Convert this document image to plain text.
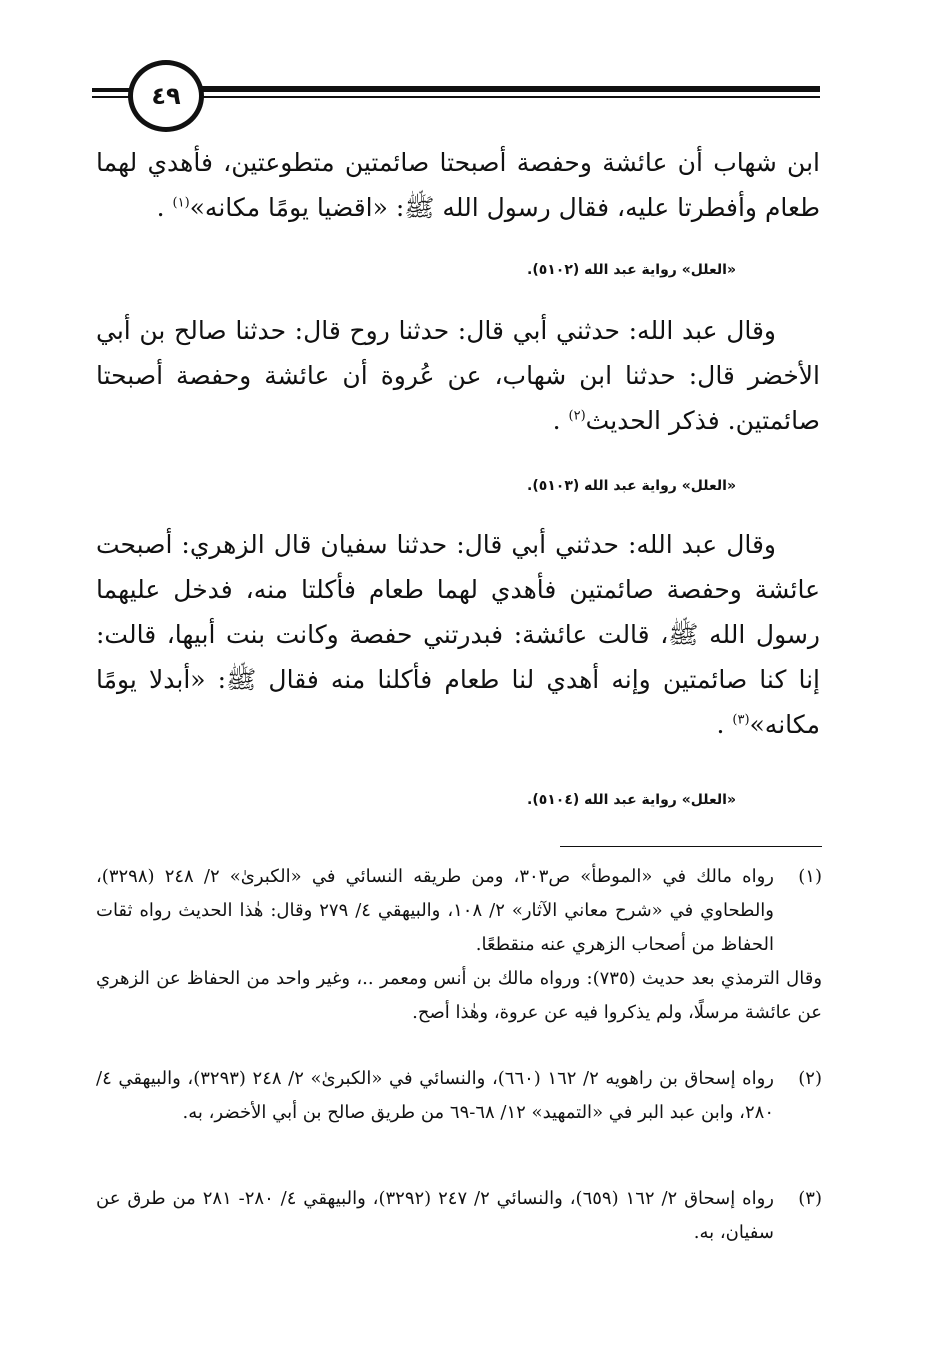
٤٩

ابن شهاب أن عائشة وحفصة أصبحتا صائمتين متطوعتين، فأهدي لهما طعام وأفطرتا عليه، فقال رسول الله ﷺ: «اقضيا يومًا مكانه»$^{(١)}$ .

«العلل» رواية عبد الله (٥١٠٢).

وقال عبد الله: حدثني أبي قال: حدثنا روح قال: حدثنا صالح بن أبي الأخضر قال: حدثنا ابن شهاب، عن عُروة أن عائشة وحفصة أصبحتا صائمتين. فذكر الحديث$^{(٢)}$ .

«العلل» رواية عبد الله (٥١٠٣).

وقال عبد الله: حدثني أبي قال: حدثنا سفيان قال الزهري: أصبحت عائشة وحفصة صائمتين فأهدي لهما طعام فأكلتا منه، فدخل عليهما رسول الله ﷺ، قالت عائشة: فبدرتني حفصة وكانت بنت أبيها، قالت: إنا كنا صائمتين وإنه أهدي لنا طعام فأكلنا منه فقال ﷺ: «أبدلا يومًا مكانه»$^{(٣)}$ .

«العلل» رواية عبد الله (٥١٠٤).

(١)
رواه مالك في «الموطأ» ص٣٠٣، ومن طريقه النسائي في «الكبرىٰ» ٢/ ٢٤٨ (٣٢٩٨)، والطحاوي في «شرح معاني الآثار» ٢/ ١٠٨، والبيهقي ٤/ ٢٧٩ وقال: هٰذا الحديث رواه ثقات الحفاظ من أصحاب الزهري عنه منقطعًا.
وقال الترمذي بعد حديث (٧٣٥): ورواه مالك بن أنس ومعمر ..، وغير واحد من الحفاظ عن الزهري عن عائشة مرسلًا، ولم يذكروا فيه عن عروة، وهٰذا أصح.
(٢)
رواه إسحاق بن راهويه ٢/ ١٦٢ (٦٦٠)، والنسائي في «الكبرىٰ» ٢/ ٢٤٨ (٣٢٩٣)، والبيهقي ٤/ ٢٨٠، وابن عبد البر في «التمهيد» ١٢/ ٦٨-٦٩ من طريق صالح بن أبي الأخضر، به.
(٣)
رواه إسحاق ٢/ ١٦٢ (٦٥٩)، والنسائي ٢/ ٢٤٧ (٣٢٩٢)، والبيهقي ٤/ ٢٨٠- ٢٨١ من طرق عن سفيان، به.
